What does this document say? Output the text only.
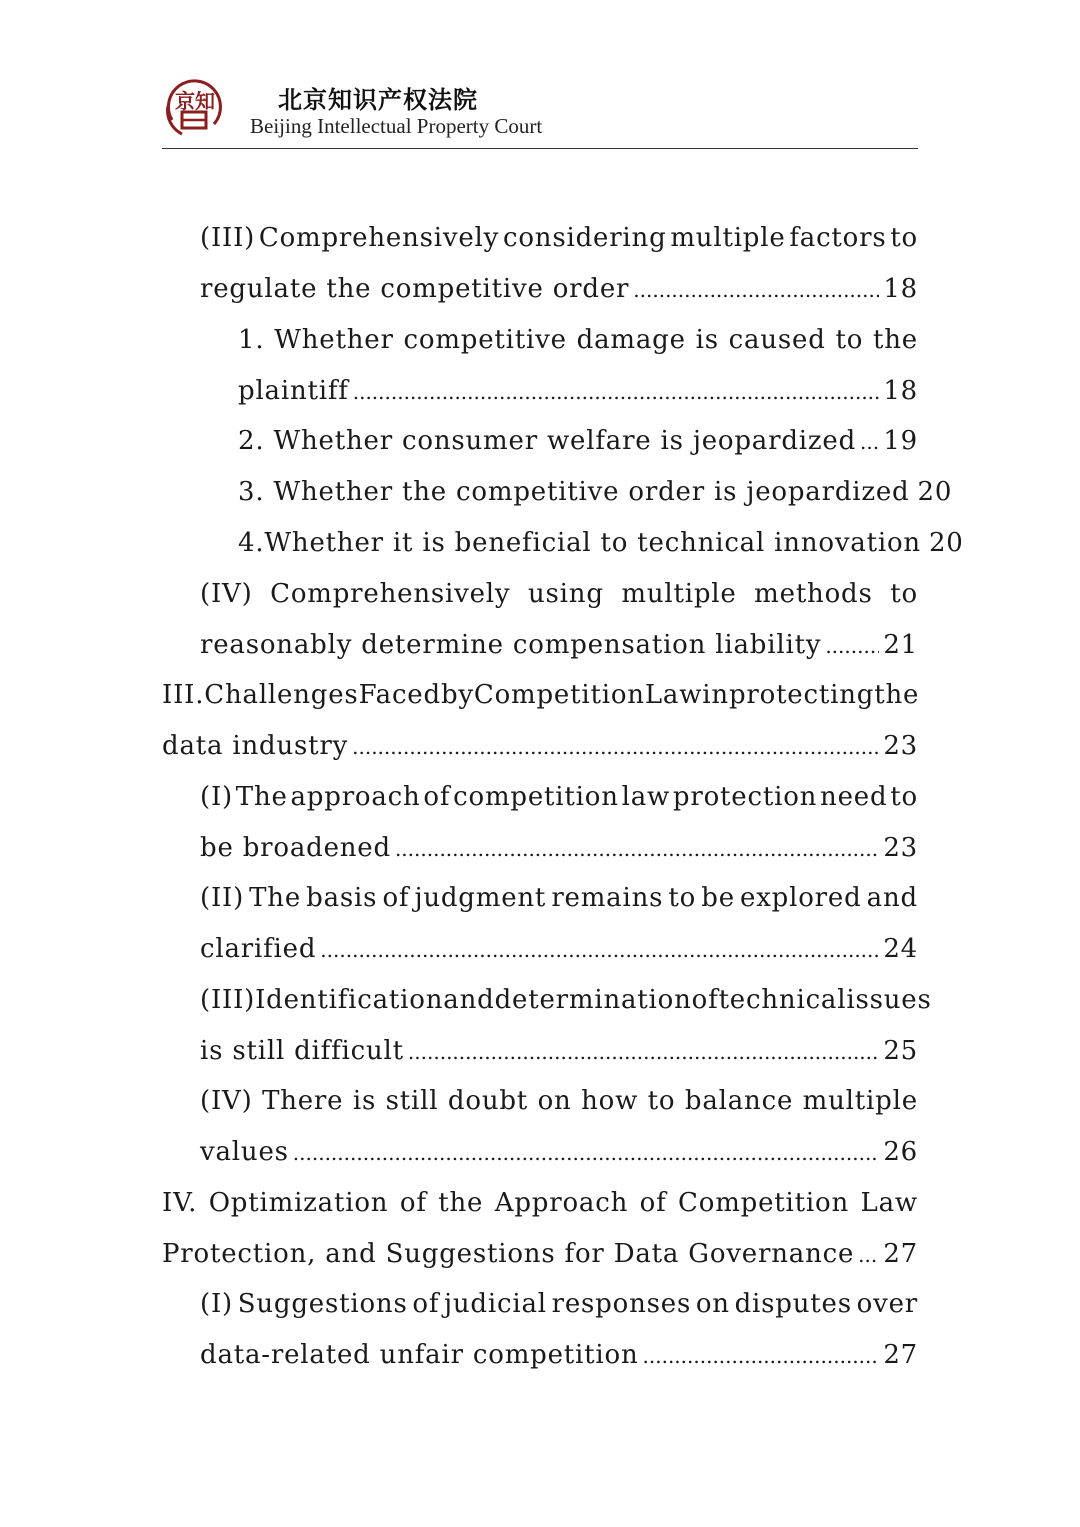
京知	北京知识产权法院
Beijing Intellectual Property Court
(III) Comprehensively considering multiple factors to
regulate the competitive order .....	18
1. Whether competitive damage is caused to the
plaintiff .....	18
2. Whether consumer welfare is jeopardized ..... 19
3. Whether the competitive order is jeopardized 20
4.Whether it is beneficial to technical innovation 20
(IV) Comprehensively using multiple methods to
reasonably determine compensation liability ..... 21
III. Challenges Faced by Competition Law in protecting the
data industry .....	23
(I) The approach of competition law protection need to
be broadened .....	23
(II) The basis of judgment remains to be explored and
clarified .....	24
(III) Identification and determination of technical issues
is still difficult .....	25
(IV) There is still doubt on how to balance multiple
values .....	26
IV. Optimization of the Approach of Competition Law
Protection, and Suggestions for Data Governance ..... 27
(I) Suggestions of judicial responses on disputes over
data-related unfair competition .....	27
